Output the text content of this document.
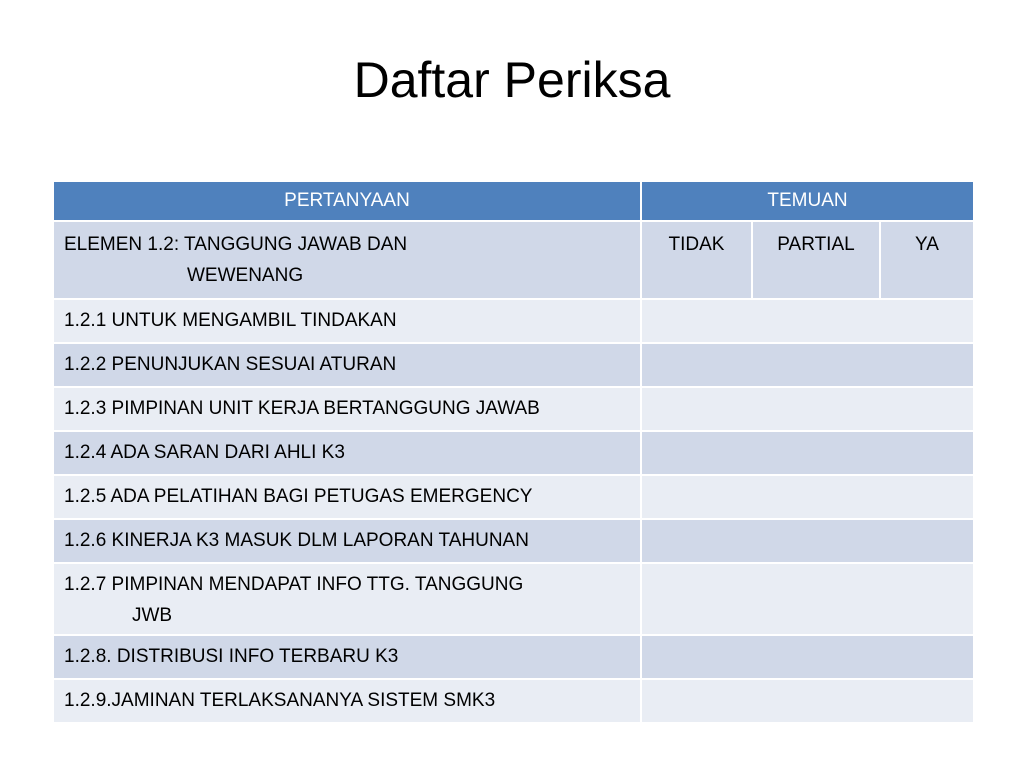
Daftar Periksa
PERTANYAAN	TEMUAN		

ELEMEN 1.2: TANGGUNG JAWAB DAN
WEWENANG	TIDAK	PARTIAL	YA

1.2.1 UNTUK MENGAMBIL TINDAKAN			
1.2.2 PENUNJUKAN SESUAI ATURAN			
1.2.3 PIMPINAN UNIT KERJA BERTANGGUNG JAWAB			
1.2.4 ADA SARAN DARI AHLI K3			
1.2.5 ADA PELATIHAN BAGI PETUGAS EMERGENCY			
1.2.6 KINERJA K3 MASUK DLM LAPORAN TAHUNAN			

1.2.7 PIMPINAN MENDAPAT INFO TTG. TANGGUNG
JWB			

1.2.8. DISTRIBUSI INFO TERBARU K3			
1.2.9.JAMINAN TERLAKSANANYA SISTEM SMK3			
